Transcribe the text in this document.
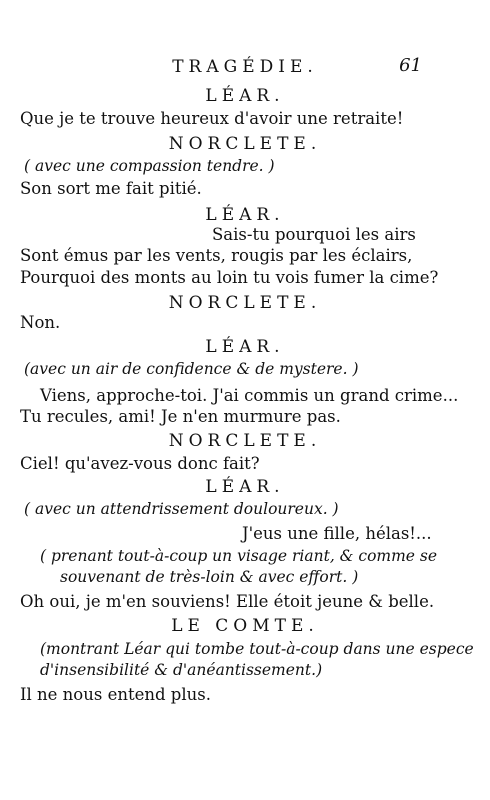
TRAGÉDIE.	61
LÉAR.
Que je te trouve heureux d'avoir une retraite!
NORCLETE.
( avec une compassion tendre. )
Son sort me fait pitié.
LÉAR.
Sais-tu pourquoi les airs
Sont émus par les vents, rougis par les éclairs,
Pourquoi des monts au loin tu vois fumer la cime?
NORCLETE.
Non.
LÉAR.
(avec un air de confidence & de mystere. )
Viens, approche-toi. J'ai commis un grand crime...
Tu recules, ami! Je n'en murmure pas.
NORCLETE.
Ciel! qu'avez-vous donc fait?
LÉAR.
( avec un attendrissement douloureux. )
J'eus une fille, hélas!...
( prenant tout-à-coup un visage riant, & comme se
souvenant de très-loin & avec effort. )
Oh oui, je m'en souviens! Elle étoit jeune & belle.
LE COMTE.
(montrant Léar qui tombe tout-à-coup dans une espece
d'insensibilité & d'anéantissement.)
Il ne nous entend plus.
